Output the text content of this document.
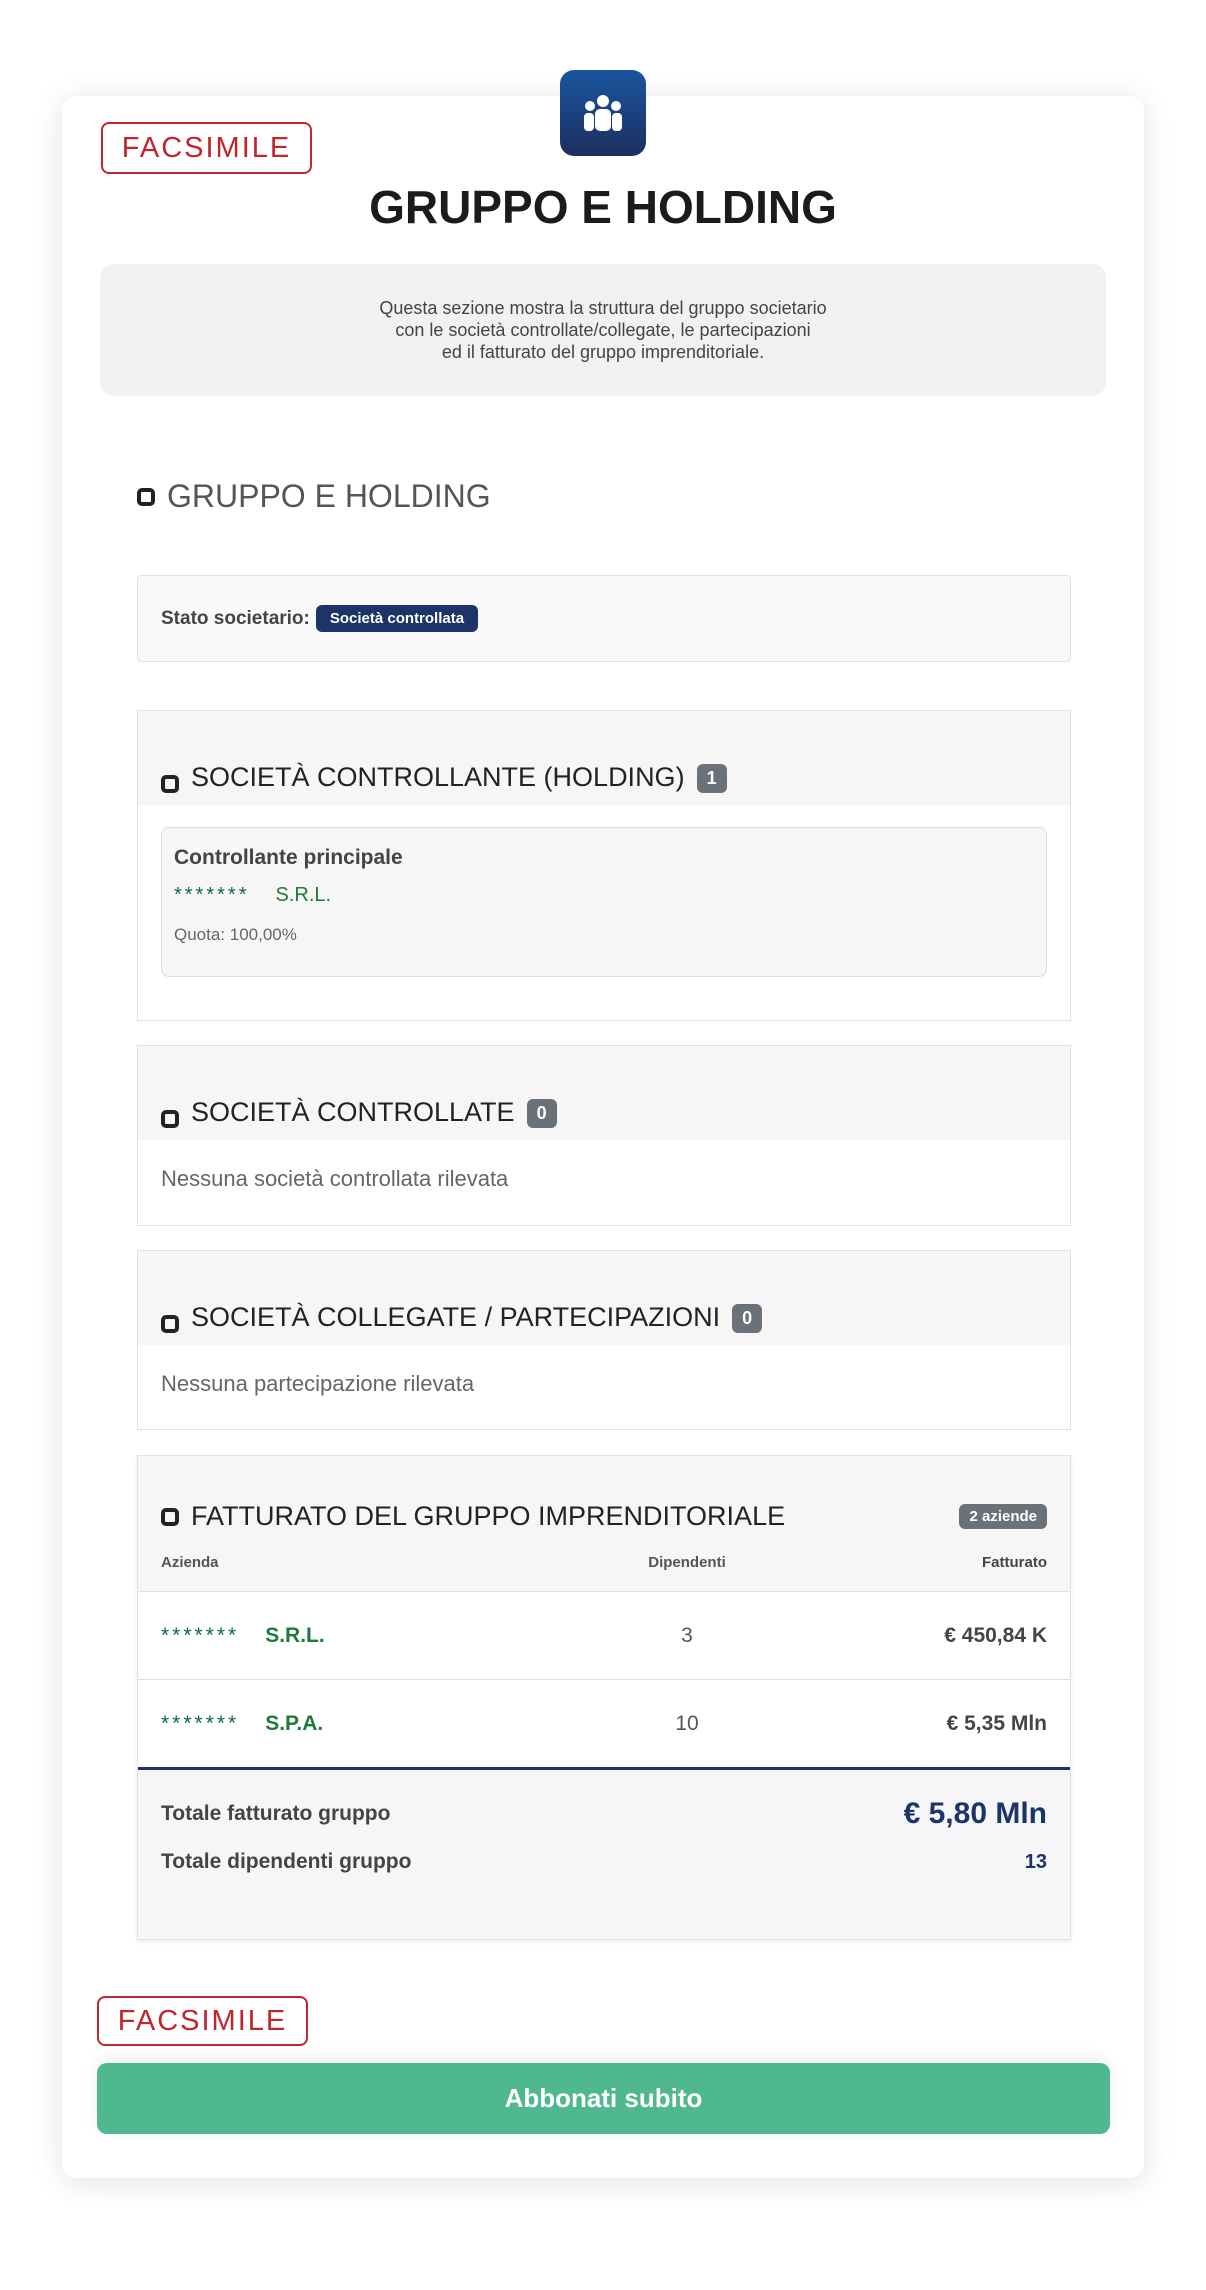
FACSIMILE
GRUPPO E HOLDING
Questa sezione mostra la struttura del gruppo societario
con le società controllate/collegate, le partecipazioni
ed il fatturato del gruppo imprenditoriale.
GRUPPO E HOLDING
Stato societario:	Società controllata
SOCIETÀ CONTROLLANTE (HOLDING)	1
Controllante principale
******* S.R.L.
Quota: 100,00%
SOCIETÀ CONTROLLATE	0
Nessuna società controllata rilevata
SOCIETÀ COLLEGATE / PARTECIPAZIONI	0
Nessuna partecipazione rilevata
FATTURATO DEL GRUPPO IMPRENDITORIALE	2 aziende
Azienda	Dipendenti	Fatturato
******* S.R.L.	3	€ 450,84 K
******* S.P.A.	10	€ 5,35 Mln
Totale fatturato gruppo	€ 5,80 Mln
Totale dipendenti gruppo	13
FACSIMILE
Abbonati subito
